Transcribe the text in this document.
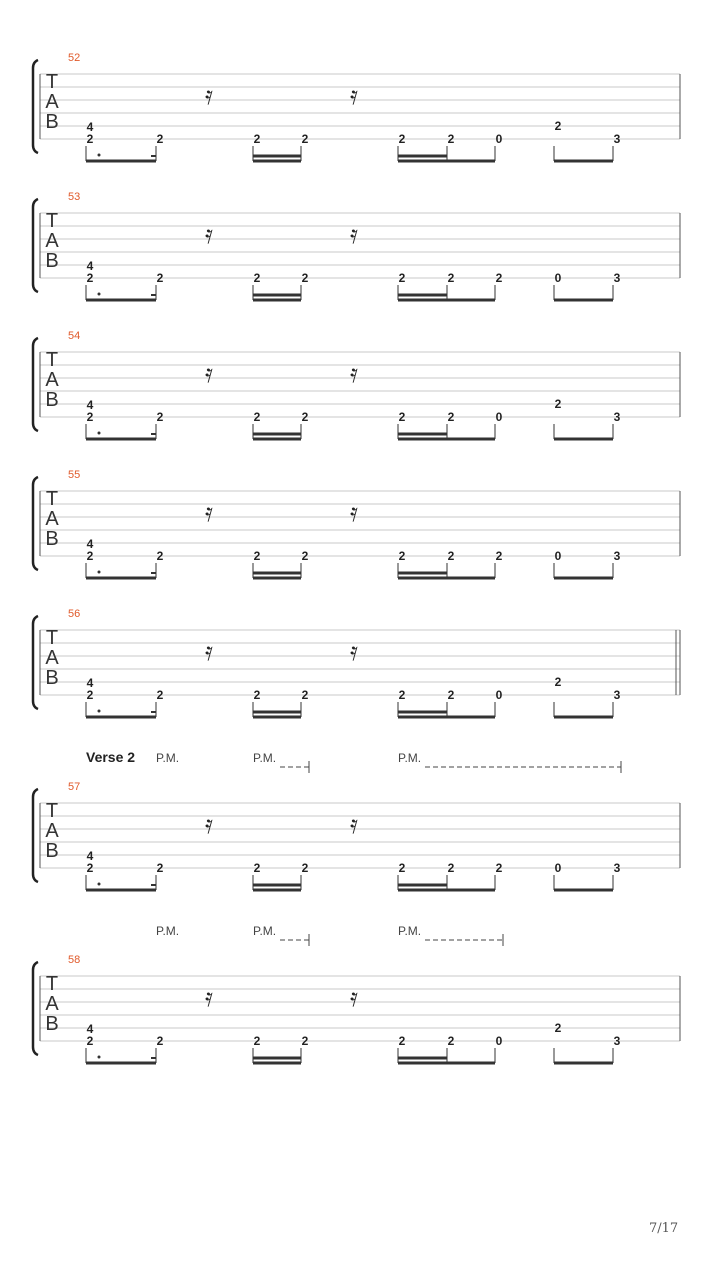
52
T
A
B
𝄿	𝄿
4
2	2	2	2	2	2	0
2
3
53
T
A
B
𝄿	𝄿
4
2	2	2	2	2	2	2	0	3
54
T
A
B
𝄿	𝄿
4
2	2	2	2	2	2	0
2
3
55
T
A
B
𝄿	𝄿
4
2	2	2	2	2	2	2	0	3
56
T
A
B
𝄿	𝄿
4
2	2	2	2	2	2	0
2
3
57
Verse 2 P.M.	P.M.	P.M.
T
A
B
𝄿	𝄿
4
2	2	2	2	2	2	2	0	3
58
P.M.	P.M.	P.M.
T
A
B
𝄿	𝄿
4
2	2	2	2	2	2	0
2
3
7/17
